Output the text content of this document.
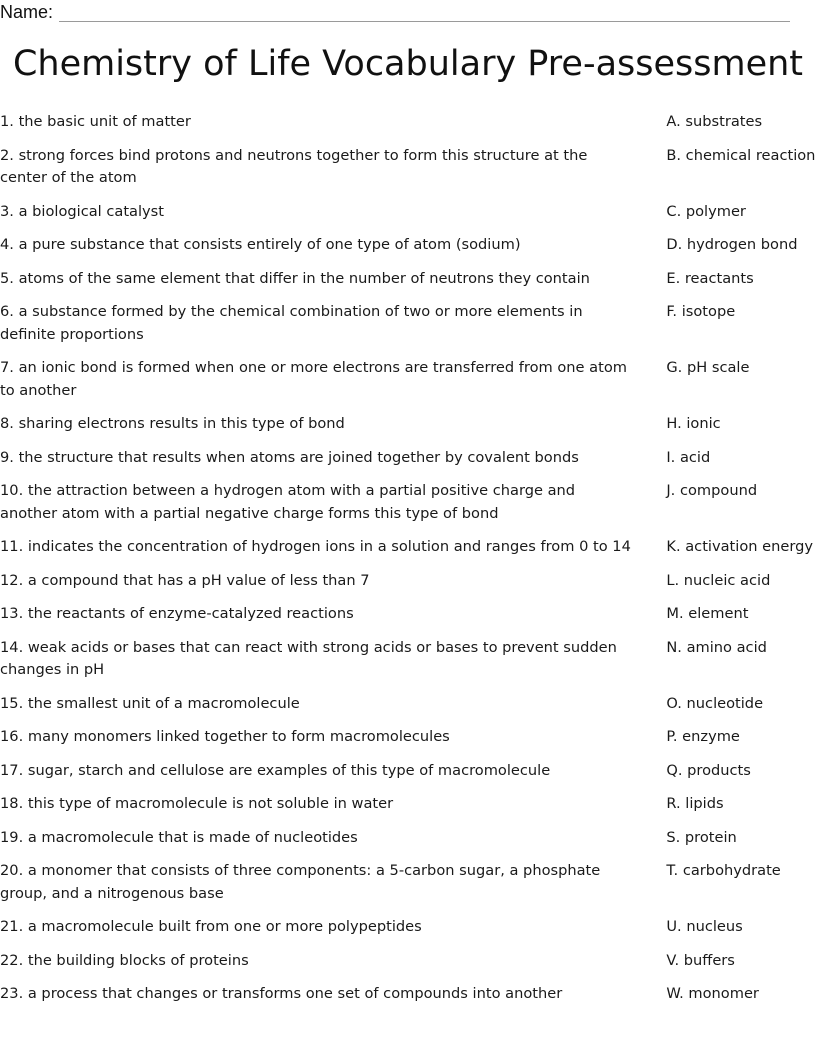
Name:
Chemistry of Life Vocabulary Pre-assessment
1. the basic unit of matter	A. substrates
2. strong forces bind protons and neutrons together to form this structure at the center of the atom
B. chemical reaction
3. a biological catalyst	C. polymer
4. a pure substance that consists entirely of one type of atom (sodium)	D. hydrogen bond
5. atoms of the same element that differ in the number of neutrons they contain	E. reactants
6. a substance formed by the chemical combination of two or more elements in definite proportions
F. isotope
7. an ionic bond is formed when one or more electrons are transferred from one atom to another
G. pH scale
8. sharing electrons results in this type of bond	H. ionic
9. the structure that results when atoms are joined together by covalent bonds	I. acid
10. the attraction between a hydrogen atom with a partial positive charge and another atom with a partial negative charge forms this type of bond
J. compound
11. indicates the concentration of hydrogen ions in a solution and ranges from 0 to 14	K. activation energy
12. a compound that has a pH value of less than 7	L. nucleic acid
13. the reactants of enzyme-catalyzed reactions	M. element
14. weak acids or bases that can react with strong acids or bases to prevent sudden changes in pH
N. amino acid
15. the smallest unit of a macromolecule	O. nucleotide
16. many monomers linked together to form macromolecules	P. enzyme
17. sugar, starch and cellulose are examples of this type of macromolecule	Q. products
18. this type of macromolecule is not soluble in water	R. lipids
19. a macromolecule that is made of nucleotides	S. protein
20. a monomer that consists of three components: a 5-carbon sugar, a phosphate group, and a nitrogenous base
T. carbohydrate
21. a macromolecule built from one or more polypeptides	U. nucleus
22. the building blocks of proteins	V. buffers
23. a process that changes or transforms one set of compounds into another	W. monomer
